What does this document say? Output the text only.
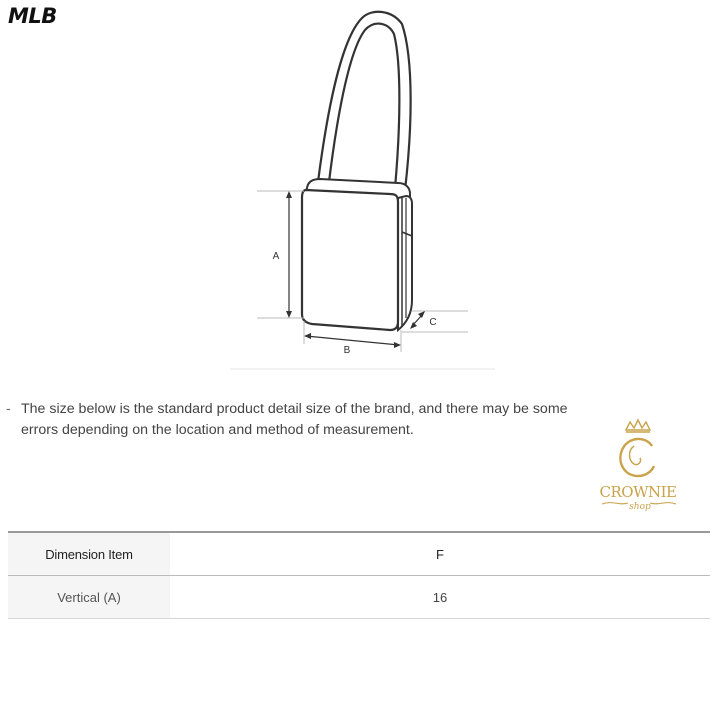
MLB
A
B
C
- The size below is the standard product detail size of the brand, and there may be some errors depending on the location and method of measurement.
CROWNIE
shop
Dimension Item	F
Vertical (A)	16
